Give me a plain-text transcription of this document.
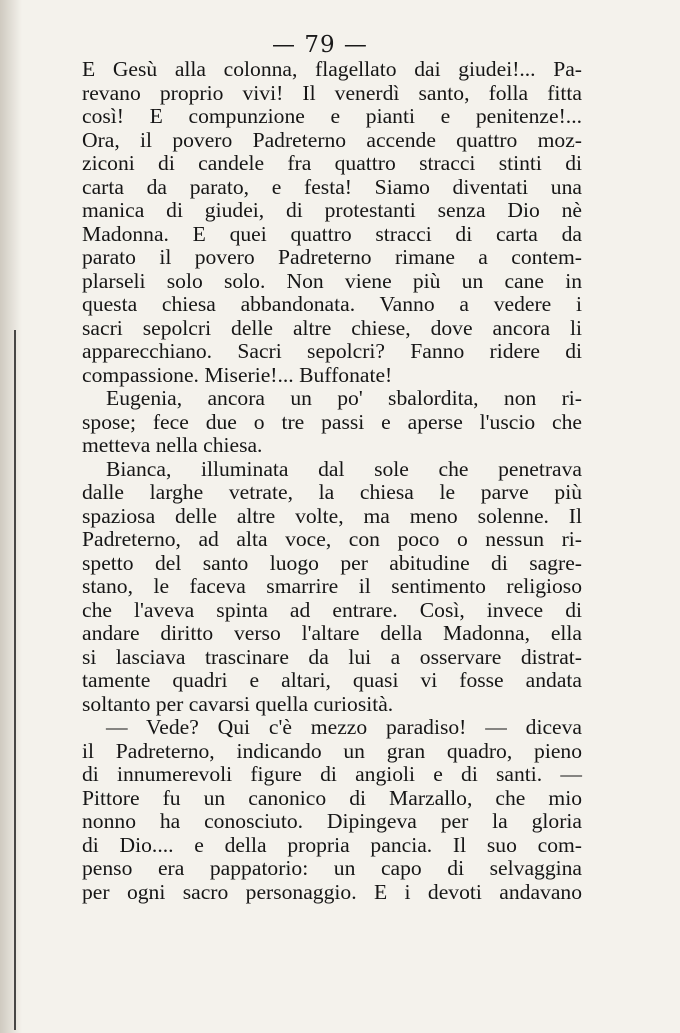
— 79 —
E Gesù alla colonna, flagellato dai giudei!... Pa-
revano proprio vivi! Il venerdì santo, folla fitta
così! E compunzione e pianti e penitenze!...
Ora, il povero Padreterno accende quattro moz-
ziconi di candele fra quattro stracci stinti di
carta da parato, e festa! Siamo diventati una
manica di giudei, di protestanti senza Dio nè
Madonna. E quei quattro stracci di carta da
parato il povero Padreterno rimane a contem-
plarseli solo solo. Non viene più un cane in
questa chiesa abbandonata. Vanno a vedere i
sacri sepolcri delle altre chiese, dove ancora li
apparecchiano. Sacri sepolcri? Fanno ridere di
compassione. Miserie!... Buffonate!
Eugenia, ancora un po' sbalordita, non ri-
spose; fece due o tre passi e aperse l'uscio che
metteva nella chiesa.
Bianca, illuminata dal sole che penetrava
dalle larghe vetrate, la chiesa le parve più
spaziosa delle altre volte, ma meno solenne. Il
Padreterno, ad alta voce, con poco o nessun ri-
spetto del santo luogo per abitudine di sagre-
stano, le faceva smarrire il sentimento religioso
che l'aveva spinta ad entrare. Così, invece di
andare diritto verso l'altare della Madonna, ella
si lasciava trascinare da lui a osservare distrat-
tamente quadri e altari, quasi vi fosse andata
soltanto per cavarsi quella curiosità.
— Vede? Qui c'è mezzo paradiso! — diceva
il Padreterno, indicando un gran quadro, pieno
di innumerevoli figure di angioli e di santi. —
Pittore fu un canonico di Marzallo, che mio
nonno ha conosciuto. Dipingeva per la gloria
di Dio.... e della propria pancia. Il suo com-
penso era pappatorio: un capo di selvaggina
per ogni sacro personaggio. E i devoti andavano
